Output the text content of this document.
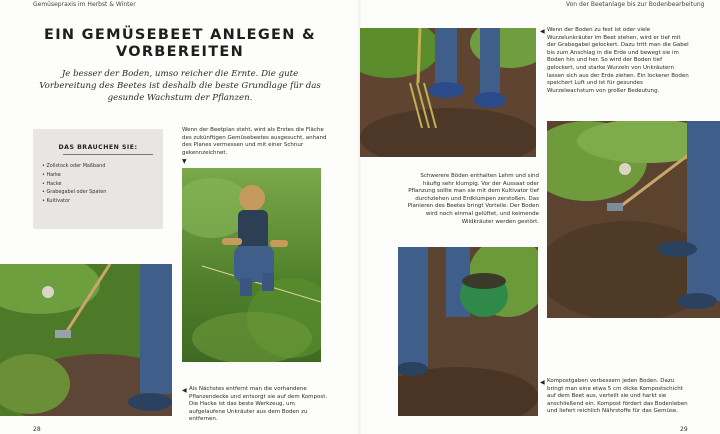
Gemüsepraxis im Herbst & Winter	Von der Beetanlage bis zur Bodenbearbeitung
EIN GEMÜSEBEET ANLEGEN &
VORBEREITEN
Je besser der Boden, umso reicher die Ernte. Die gute Vorbereitung des Beetes ist deshalb die beste Grundlage für das gesunde Wachstum der Pflanzen.
DAS BRAUCHEN SIE:
• Zollstock oder Maßband
• Harke
• Hacke
• Grabegabel oder Spaten
• Kultivator
Wenn der Beetplan steht, wird als Erstes die Fläche des zukünftigen Gemüsebeetes ausgesucht, anhand des Planes vermessen und mit einer Schnur gekennzeichnet.
▼
◀ Als Nächstes entfernt man die vorhandene Pflanzendecke und entsorgt sie auf dem Kompost. Die Hacke ist das beste Werkzeug, um aufgelaufene Unkräuter aus dem Boden zu entfernen.
28
◀ Wenn der Boden zu fest ist oder viele Wurzelunkräuter im Beet stehen, wird er tief mit der Grabegabel gelockert. Dazu tritt man die Gabel bis zum Anschlag in die Erde und bewegt sie im Boden hin und her. So wird der Boden tief gelockert, und starke Wurzeln von Unkräutern lassen sich aus der Erde ziehen. Ein lockerer Boden speichert Luft und ist für gesundes Wurzelwachstum von großer Bedeutung.
Schwerere Böden enthalten Lehm und sind häufig sehr klumpig. Vor der Aussaat oder Pflanzung sollte man sie mit dem Kultivator tief durchziehen und Erdklumpen zerstoßen. Das Planieren des Beetes bringt Vorteile: Der Boden wird noch einmal gelüftet, und keimende Wildkräuter werden gestört.
◀ Kompostgaben verbessern jeden Boden. Dazu bringt man eine etwa 5 cm dicke Kompostschicht auf dem Beet aus, verteilt sie und harkt sie anschließend ein. Kompost fördert das Bodenleben und liefert reichlich Nährstoffe für das Gemüse.
29
